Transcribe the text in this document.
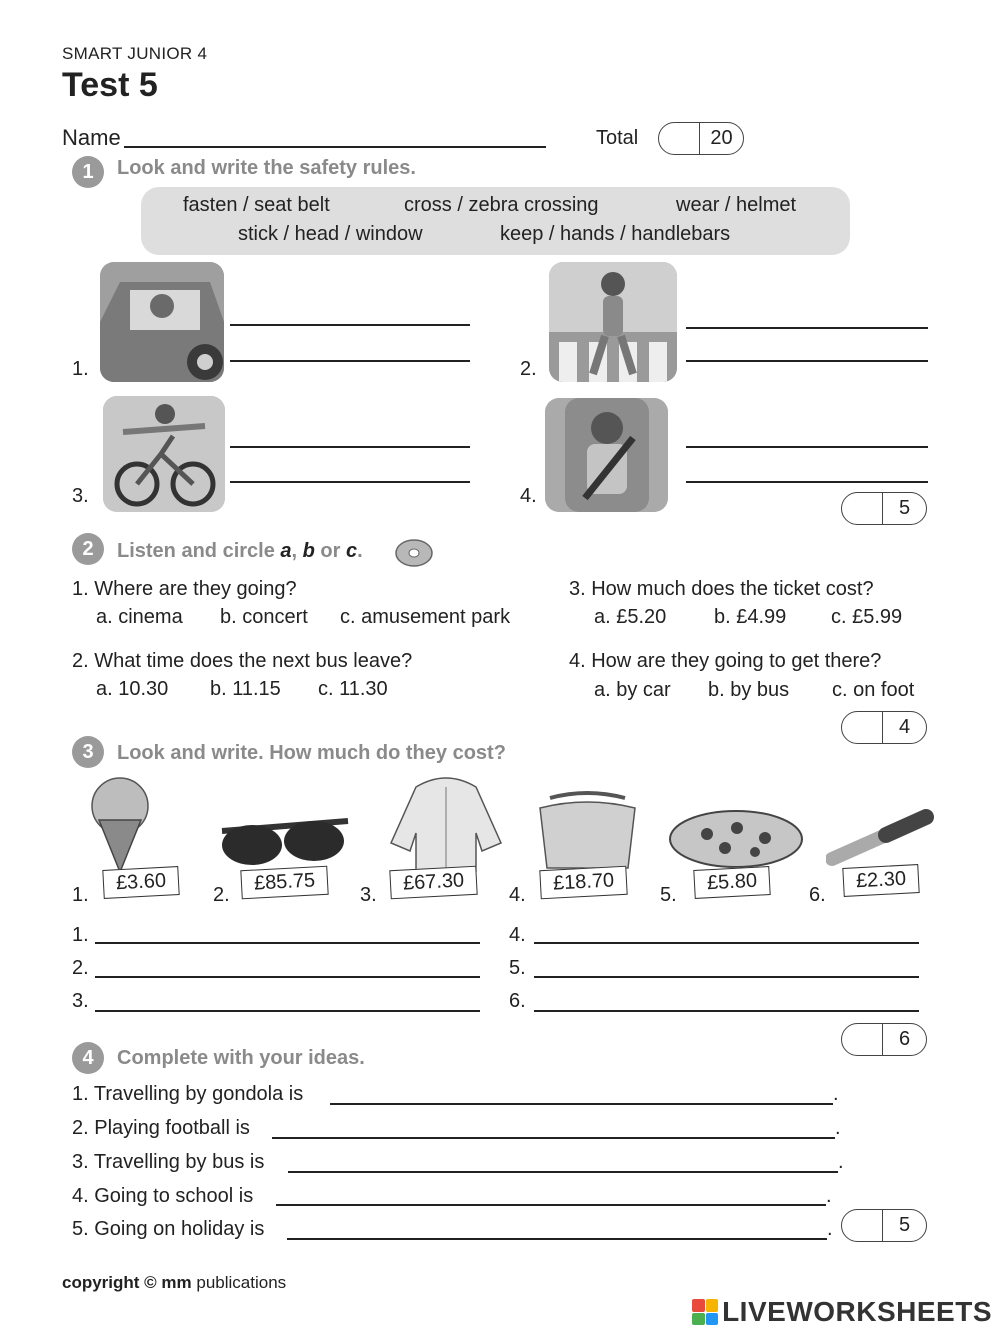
SMART JUNIOR 4
Test 5
Name	Total	20
1	Look and write the safety rules.
fasten / seat belt	cross / zebra crossing	wear / helmet
stick / head / window	keep / hands / handlebars
1.	2.
3.	4.
5
2	Listen and circle a, b or c.
1. Where are they going?
a. cinema b. concert c. amusement park
2. What time does the next bus leave?
a. 10.30 b. 11.15 c. 11.30
3. How much does the ticket cost?
a. £5.20 b. £4.99 c. £5.99
4. How are they going to get there?
a. by car b. by bus c. on foot
4
3	Look and write. How much do they cost?
1.
£3.60
2.
£85.75
3.
£67.30
4.
£18.70
5.
£5.80
6.
£2.30
1.
2.
3.
4.
5.
6.
6
4	Complete with your ideas.
1. Travelling by gondola is	.
2. Playing football is	.
3. Travelling by bus is	.
4. Going to school is	.
5. Going on holiday is	.	5
copyright © mm publications
LIVEWORKSHEETS
